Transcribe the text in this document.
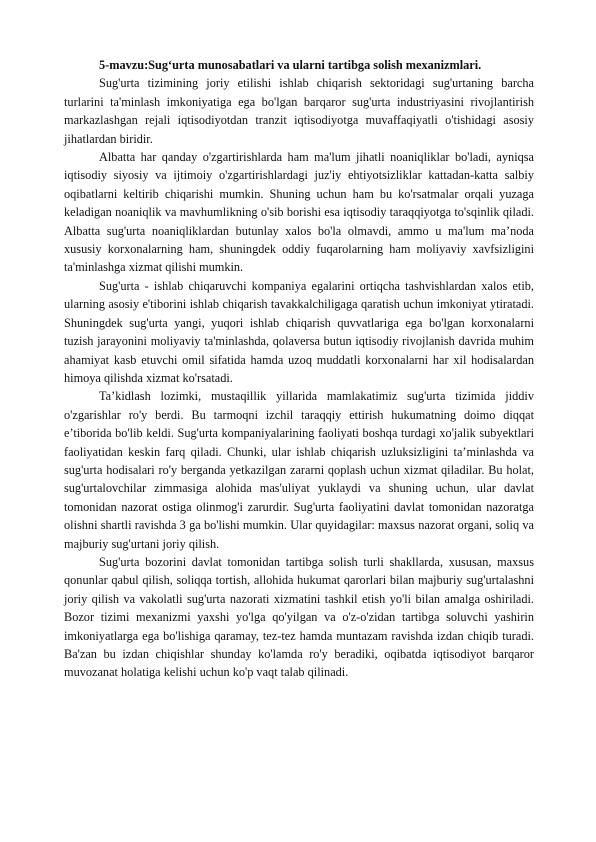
5-mavzu:Sug‘urta munosabatlari va ularni tartibga solish mexanizmlari.

Sug'urta tizimining joriy etilishi ishlab chiqarish sektoridagi sug'urtaning barcha turlarini ta'minlash imkoniyatiga ega bo'lgan barqaror sug'urta industriyasini rivojlantirish markazlashgan rejali iqtisodiyotdan tranzit iqtisodiyotga muvaffaqiyatli o'tishidagi asosiy jihatlardan biridir.

Albatta har qanday o'zgartirishlarda ham ma'lum jihatli noaniqliklar bo'ladi, ayniqsa iqtisodiy siyosiy va ijtimoiy o'zgartirishlardagi juz'iy ehtiyotsizliklar kattadan-katta salbiy oqibatlarni keltirib chiqarishi mumkin. Shuning uchun ham bu ko'rsatmalar orqali yuzaga keladigan noaniqlik va mavhumlikning o'sib borishi esa iqtisodiy taraqqiyotga to'sqinlik qiladi. Albatta sug'urta noaniqliklardan butunlay xalos bo'la olmavdi, ammo u ma'lum ma’noda xususiy korxonalarning ham, shuningdek oddiy fuqarolarning ham moliyaviy xavfsizligini ta'minlashga xizmat qilishi mumkin.

Sug'urta - ishlab chiqaruvchi kompaniya egalarini ortiqcha tashvishlardan xalos etib, ularning asosiy e'tiborini ishlab chiqarish tavakkalchiligaga qaratish uchun imkoniyat ytiratadi. Shuningdek sug'urta yangi, yuqori ishlab chiqarish quvvatlariga ega bo'lgan korxonalarni tuzish jarayonini moliyaviy ta'minlashda, qolaversa butun iqtisodiy rivojlanish davrida muhim ahamiyat kasb etuvchi omil sifatida hamda uzoq muddatli korxonalarni har xil hodisalardan himoya qilishda xizmat ko'rsatadi.

Ta’kidlash lozimki, mustaqillik yillarida mamlakatimiz sug'urta tizimida jiddiv o'zgarishlar ro'y berdi. Bu tarmoqni izchil taraqqiy ettirish hukumatning doimo diqqat e’tiborida bo'lib keldi. Sug'urta kompaniyalarining faoliyati boshqa turdagi xo'jalik subyektlari faoliyatidan keskin farq qiladi. Chunki, ular ishlab chiqarish uzluksizligini ta’minlashda va sug'urta hodisalari ro'y berganda yetkazilgan zararni qoplash uchun xizmat qiladilar. Bu holat, sug'urtalovchilar zimmasiga alohida mas'uliyat yuklaydi va shuning uchun, ular davlat tomonidan nazorat ostiga olinmog'i zarurdir. Sug'urta faoliyatini davlat tomonidan nazoratga olishni shartli ravishda 3 ga bo'lishi mumkin. Ular quyidagilar: maxsus nazorat organi, soliq va majburiy sug'urtani joriy qilish.

Sug'urta bozorini davlat tomonidan tartibga solish turli shakllarda, xususan, maxsus qonunlar qabul qilish, soliqqa tortish, allohida hukumat qarorlari bilan majburiy sug'urtalashni joriy qilish va vakolatli sug'urta nazorati xizmatini tashkil etish yo'li bilan amalga oshiriladi. Bozor tizimi mexanizmi yaxshi yo'lga qo'yilgan va o'z-o'zidan tartibga soluvchi yashirin imkoniyatlarga ega bo'lishiga qaramay, tez-tez hamda muntazam ravishda izdan chiqib turadi. Ba'zan bu izdan chiqishlar shunday ko'lamda ro'y beradiki, oqibatda iqtisodiyot barqaror muvozanat holatiga kelishi uchun ko'p vaqt talab qilinadi.
